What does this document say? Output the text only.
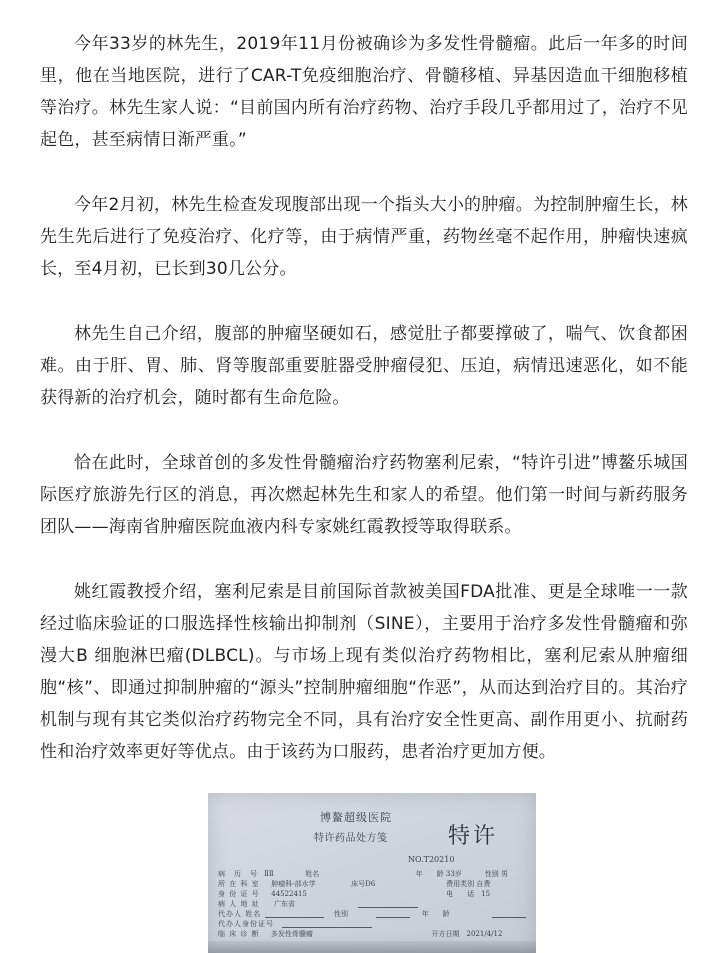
今年33岁的林先生，2019年11月份被确诊为多发性骨髓瘤。此后一年多的时间里，他在当地医院，进行了CAR-T免疫细胞治疗、骨髓移植、异基因造血干细胞移植等治疗。林先生家人说：“目前国内所有治疗药物、治疗手段几乎都用过了，治疗不见起色，甚至病情日渐严重。”

今年2月初，林先生检查发现腹部出现一个指头大小的肿瘤。为控制肿瘤生长，林先生先后进行了免疫治疗、化疗等，由于病情严重，药物丝毫不起作用，肿瘤快速疯长，至4月初，已长到30几公分。

林先生自己介绍，腹部的肿瘤坚硬如石，感觉肚子都要撑破了，喘气、饮食都困难。由于肝、胃、肺、肾等腹部重要脏器受肿瘤侵犯、压迫，病情迅速恶化，如不能获得新的治疗机会，随时都有生命危险。

恰在此时，全球首创的多发性骨髓瘤治疗药物塞利尼索，“特许引进”博鳌乐城国际医疗旅游先行区的消息，再次燃起林先生和家人的希望。他们第一时间与新药服务团队——海南省肿瘤医院血液内科专家姚红霞教授等取得联系。

姚红霞教授介绍，塞利尼索是目前国际首款被美国FDA批准、更是全球唯一一款经过临床验证的口服选择性核输出抑制剂（SINE），主要用于治疗多发性骨髓瘤和弥漫大B 细胞淋巴瘤(DLBCL)。与市场上现有类似治疗药物相比，塞利尼索从肿瘤细胞“核”、即通过抑制肿瘤的“源头”控制肿瘤细胞“作恶”，从而达到治疗目的。其治疗机制与现有其它类似治疗药物完全不同，具有治疗安全性更高、副作用更小、抗耐药性和治疗效率更好等优点。由于该药为口服药，患者治疗更加方便。

博鳌超级医院
特许药品处方笺	特许
NO.T20210
病　历　号 ⅡⅡ	姓名	年　　龄 33岁	性别 男
所 在 科 室	肿瘤科-部水学	床号D6	费用类别 自费
身 份 证 号	44522415	电　　话　15
病 人 地 址	广东省
代办人 姓名	性别	年　　龄
代办人身份证号
临 床 诊 断	多发性骨髓瘤	开方日期　2021/4/12
